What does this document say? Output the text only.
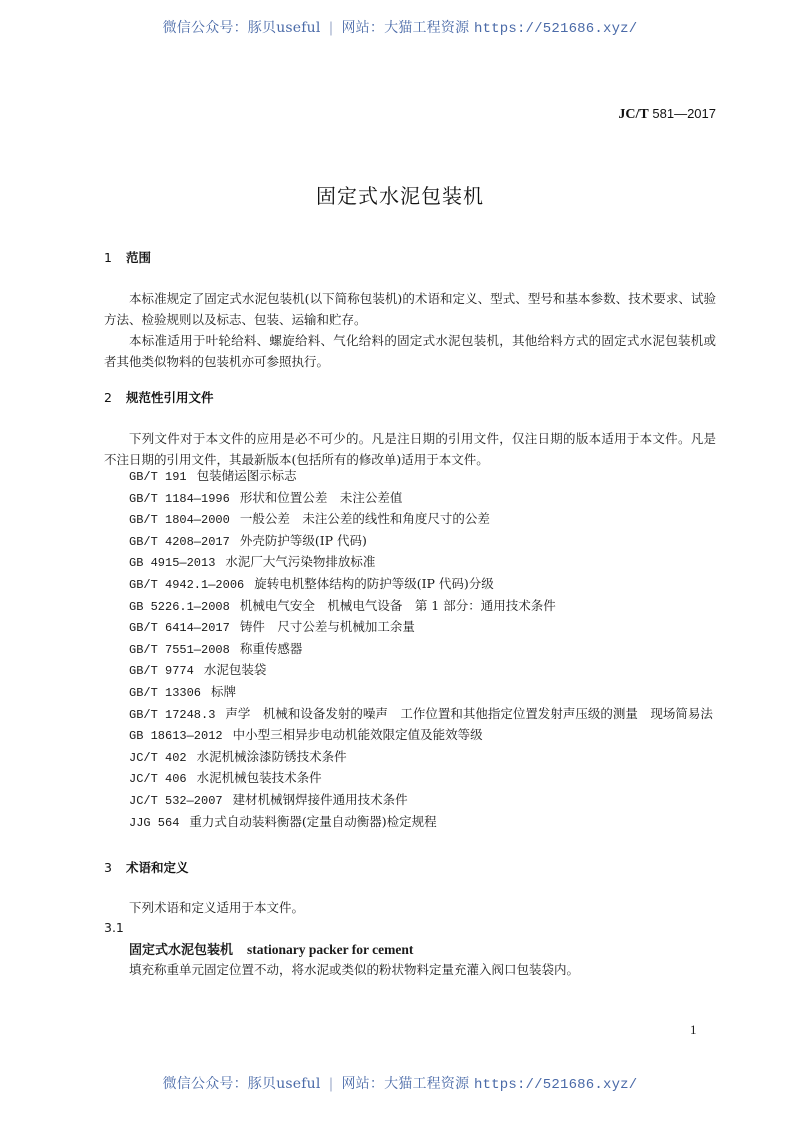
微信公众号：豚贝useful | 网站：大猫工程资源 https://521686.xyz/
JC/T 581—2017
固定式水泥包装机
1 范围
本标准规定了固定式水泥包装机(以下简称包装机)的术语和定义、型式、型号和基本参数、技术要求、试验方法、检验规则以及标志、包装、运输和贮存。
本标准适用于叶轮给料、螺旋给料、气化给料的固定式水泥包装机，其他给料方式的固定式水泥包装机或者其他类似物料的包装机亦可参照执行。
2 规范性引用文件
下列文件对于本文件的应用是必不可少的。凡是注日期的引用文件，仅注日期的版本适用于本文件。凡是不注日期的引用文件，其最新版本(包括所有的修改单)适用于本文件。
GB/T 191 包装储运图示标志
GB/T 1184—1996 形状和位置公差　未注公差值
GB/T 1804—2000 一般公差　未注公差的线性和角度尺寸的公差
GB/T 4208—2017 外壳防护等级(IP 代码)
GB 4915—2013 水泥厂大气污染物排放标准
GB/T 4942.1—2006 旋转电机整体结构的防护等级(IP 代码)分级
GB 5226.1—2008 机械电气安全　机械电气设备　第 1 部分：通用技术条件
GB/T 6414—2017 铸件　尺寸公差与机械加工余量
GB/T 7551—2008 称重传感器
GB/T 9774 水泥包装袋
GB/T 13306 标牌
GB/T 17248.3 声学　机械和设备发射的噪声　工作位置和其他指定位置发射声压级的测量　现场简易法
GB 18613—2012 中小型三相异步电动机能效限定值及能效等级
JC/T 402 水泥机械涂漆防锈技术条件
JC/T 406 水泥机械包装技术条件
JC/T 532—2007 建材机械钢焊接件通用技术条件
JJG 564 重力式自动装料衡器(定量自动衡器)检定规程
3 术语和定义
下列术语和定义适用于本文件。
3.1
固定式水泥包装机 stationary packer for cement
填充称重单元固定位置不动，将水泥或类似的粉状物料定量充灌入阀口包装袋内。
1
微信公众号：豚贝useful | 网站：大猫工程资源 https://521686.xyz/
